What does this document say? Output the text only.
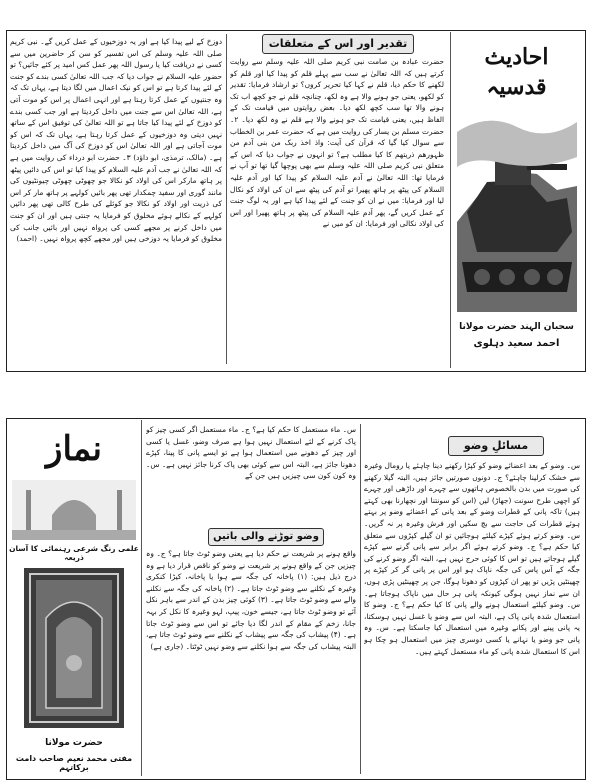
احادیث قدسیہ
سحبان الہند حضرت مولانا
احمد سعید دہلوی
تقدیر اور اس کے متعلقات
حضرت عبادہ بن صامت نبی کریم صلی اللہ علیہ وسلم سے روایت کرتے ہیں کہ اللہ تعالیٰ نے سب سے پہلے قلم کو پیدا کیا اور قلم کو لکھنے کا حکم دیا، قلم نے کہا کیا تحریر کروں؟ تو ارشاد فرمایا: تقدیر کو لکھو، یعنی جو ہونے والا ہے وہ لکھ، چنانچہ قلم نے جو کچھ اب تک ہونے والا تھا سب کچھ لکھ دیا۔ بعض روایتوں میں قیامت تک کے الفاظ ہیں، یعنی قیامت تک جو ہونے والا ہے قلم نے وہ لکھ دیا۔ ۲۔ حضرت مسلم بن یسار کی روایت میں ہے کہ حضرت عمر بن الخطاب سے سوال کیا گیا کہ قرآن کی آیت: واذ اخذ ربک من بنی آدم من ظہورھم ذریتھم کا کیا مطلب ہے؟ تو انہوں نے جواب دیا کہ اس کے متعلق نبی کریم صلی اللہ علیہ وسلم سے بھی پوچھا گیا تھا تو آپ نے فرمایا تھا: اللہ تعالیٰ نے آدم علیہ السلام کو پیدا کیا اور آدم علیہ السلام کی پیٹھ پر ہاتھ پھیرا تو آدم کی پیٹھ سے ان کی اولاد کو نکال لیا اور فرمایا: میں نے ان کو جنت کے لئے پیدا کیا ہے اور یہ لوگ جنت کے عمل کریں گے، پھر آدم علیہ السلام کی پیٹھ پر ہاتھ پھیرا اور اس کی اولاد نکالی اور فرمایا: ان کو میں نے
دوزخ کے لیے پیدا کیا ہے اور یہ دوزخیوں کے عمل کریں گے۔ نبی کریم صلی اللہ علیہ وسلم کی اس تفسیر کو سن کر حاضرین میں سے کسی نے دریافت کیا یا رسول اللہ پھر عمل کس امید پر کئے جائیں؟ تو حضور علیہ السلام نے جواب دیا کہ جب اللہ تعالیٰ کسی بندے کو جنت کے لئے پیدا کرتا ہے تو اس کو نیک اعمال میں لگا دیتا ہے، یہاں تک کہ وہ جنتیوں کے عمل کرتا رہتا ہے اور انہی اعمال پر اس کو موت آتی ہے، اللہ تعالیٰ اس سے جنت میں داخل کردیتا ہے اور جب کسی بندے کو دوزخ کے لئے پیدا کیا جاتا ہے تو اللہ تعالیٰ کی توفیق اس کے ساتھ نہیں دیتی وہ دوزخیوں کے عمل کرتا رہتا ہے، یہاں تک کہ اس کو موت آجاتی ہے اور اللہ تعالیٰ اس کو دوزخ کی آگ میں داخل کردیتا ہے۔ (مالک، ترمذی، ابو داؤد) ۳۔ حضرت ابو درداء کی روایت میں ہے کہ اللہ تعالیٰ نے جب آدم علیہ السلام کو پیدا کیا تو اس کی دائیں پیٹھ پر ہاتھ مارکر اس کی اولاد کو نکالا جو چھوٹی چھوٹی چیونٹیوں کی مانند گوری اور سفید چمکدار تھی پھر بائیں کولہے پر ہاتھ مار کر اس کی ذریت اور اولاد کو نکالا جو کوئلے کی طرح کالی تھی پھر دائیں کولہے کے نکالے ہوئے مخلوق کو فرمایا یہ جنتی ہیں اور ان کو جنت میں داخل کرنے پر مجھے کسی کی پرواہ نہیں اور بائیں جانب کی مخلوق کو فرمایا یہ دوزخی ہیں اور مجھے کچھ پرواہ نہیں۔ (احمد)
نماز
علمی رنگ شرعی رہنمائی کا آسان ذریعہ
حضرت مولانا
مفتی محمد نعیم صاحب دامت برکاتہم
مسائلِ وضو
س۔ وضو کے بعد اعضائے وضو کو کپڑا رکھنے دینا چاہئے یا رومال وغیرہ سے خشک کرلینا چاہئے؟ ج۔ دونوں صورتیں جائز ہیں، البتہ گیلا رکھنے کی صورت میں بدن بالخصوص ہاتھوں سے چہرے اور داڑھی اور چہرے کو اچھی طرح سونت (جھاڑ) لیں (اس کو سونتنا اور نچھارنا بھی کہتے ہیں) تاکہ پانی کے قطرات وضو کے بعد پانی کے اعضائے وضو پر بہتے ہوئے قطرات کی حاجت سے بچ سکیں اور فرش وغیرہ پر نہ گریں۔ س۔ وضو کرتے ہوئے کپڑے کیلئے ہوجائیں تو ان گیلے کپڑوں سے متعلق کیا حکم ہے؟ ج۔ وضو کرتے ہوئے اگر برابر سے پانی گرنے سے کپڑے گیلے ہوجاتے ہیں تو اس کا کوئی حرج نہیں ہے، البتہ اگر وضو کرنے کی جگہ کے آس پاس کی جگہ ناپاک ہو اور اس پر پانی گر کر کپڑے پر چھینٹیں پڑیں تو پھر ان کپڑوں کو دھونا ہوگا، جن پر چھینٹیں پڑی ہوں، ان سے نماز نہیں ہوگی کیونکہ پانی ہر حال میں ناپاک ہوجاتا ہے۔ س۔ وضو کیلئے استعمال ہونے والے پانی کا کیا حکم ہے؟ ج۔ وضو کا استعمال شدہ پانی پاک ہے، البتہ اس سے وضو یا غسل نہیں ہوسکتا، یہ پانی پینے اور پکانے وغیرہ میں استعمال کیا جاسکتا ہے۔ س۔ وہ پانی جو وضو یا نہانے یا کسی دوسری چیز میں استعمال ہو چکا ہو اس کا استعمال شدہ پانی کو ماء مستعمل کہتے ہیں۔
س۔ ماء مستعمل کا حکم کیا ہے؟ ج۔ ماء مستعمل اگر کسی چیز کو پاک کرنے کے لئے استعمال نہیں ہوا ہے صرف وضو، غسل یا کسی اور چیز کے دھونے میں استعمال ہوا ہے تو ایسے پانی کا پینا، کپڑے دھونا جائز ہے، البتہ اس سے کوئی بھی پاک کرنا جائز نہیں ہے۔ س۔ وہ کون کون سی چیزیں ہیں جن کے
وضو توڑنے والی باتیں
واقع ہونے پر شریعت نے حکم دیا ہے یعنی وضو ٹوٹ جاتا ہے؟ ج۔ وہ چیزیں جن کے واقع ہونے پر شریعت نے وضو کو ناقص قرار دیا ہے وہ درج ذیل ہیں: (۱) پاخانہ کی جگہ سے ہوا یا پاخانہ، کیڑا کنکری وغیرہ کے نکلنے سے وضو ٹوٹ جاتا ہے۔ (۲) پاخانہ کی جگہ سے نکلنے والے سے وضو ٹوٹ جاتا ہے۔ (۳) کوئی چیز بدن کے اندر سے باہر نکل آئے تو وضو ٹوٹ جاتا ہے، جیسے خون، پیپ، لہو وغیرہ کا نکل کر بہہ جانا، زخم کے مقام کے اندر لگا دیا جائے تو اس سے وضو ٹوٹ جاتا ہے۔ (۴) پیشاب کی جگہ سے پیشاب کے نکلنے سے وضو ٹوٹ جاتا ہے، البتہ پیشاب کی جگہ سے ہوا نکلنے سے وضو نہیں ٹوٹتا۔ (جاری ہے)
